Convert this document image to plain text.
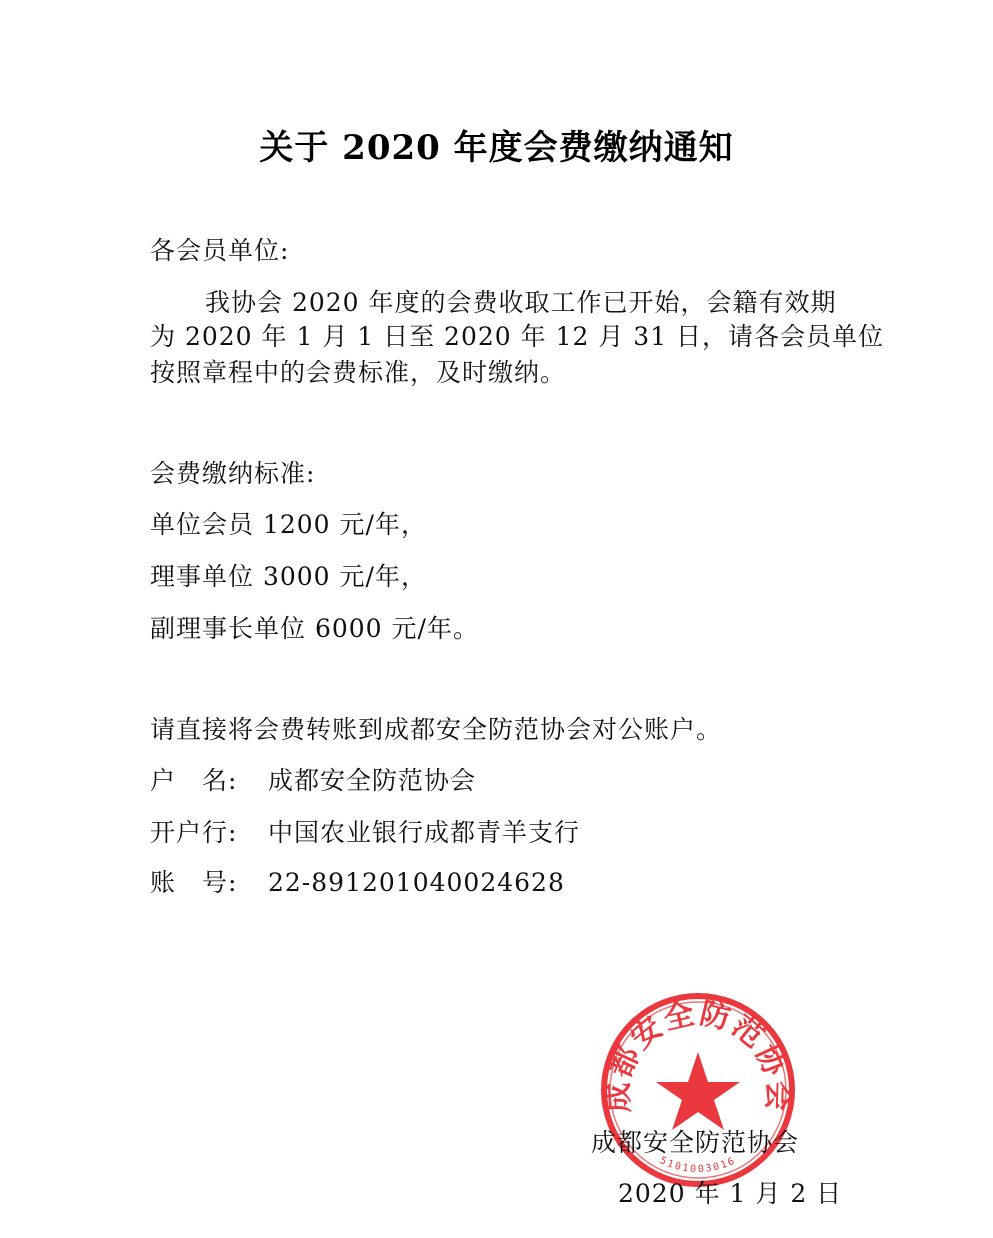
关于 2020 年度会费缴纳通知
各会员单位:
我协会 2020 年度的会费收取工作已开始，会籍有效期
为 2020 年 1 月 1 日至 2020 年 12 月 31 日，请各会员单位
按照章程中的会费标准，及时缴纳。
会费缴纳标准:
单位会员 1200 元/年，
理事单位 3000 元/年，
副理事长单位 6000 元/年。
请直接将会费转账到成都安全防范协会对公账户。
户　名: 成都安全防范协会
开户行: 中国农业银行成都青羊支行
账　号: 22-891201040024628
成都安全防范协会
5101003016
成都安全防范协会
2020 年 1 月 2 日
